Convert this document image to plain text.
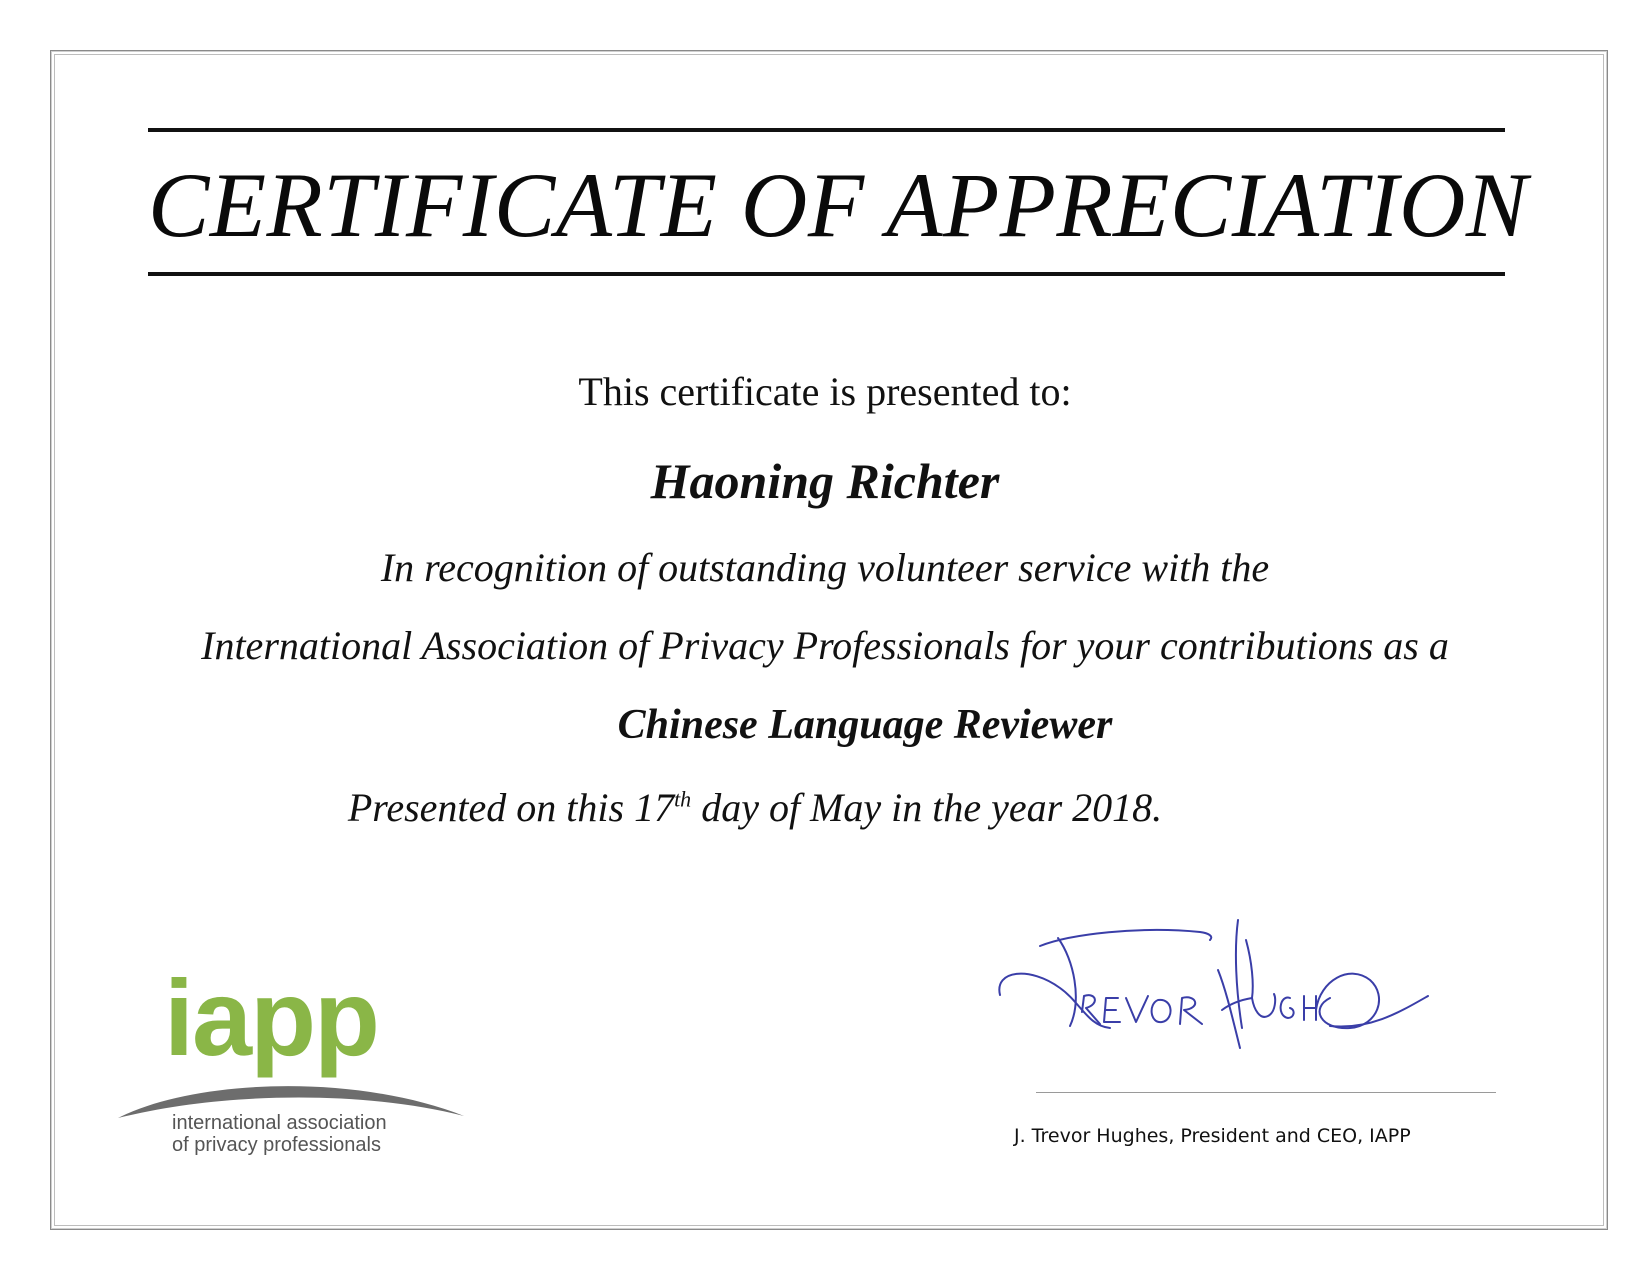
CERTIFICATE OF APPRECIATION
This certificate is presented to:
Haoning Richter
In recognition of outstanding volunteer service with the
International Association of Privacy Professionals for your contributions as a
Chinese Language Reviewer
Presented on this 17th day of May in the year 2018.
iapp
international association
of privacy professionals	J. Trevor Hughes, President and CEO, IAPP
